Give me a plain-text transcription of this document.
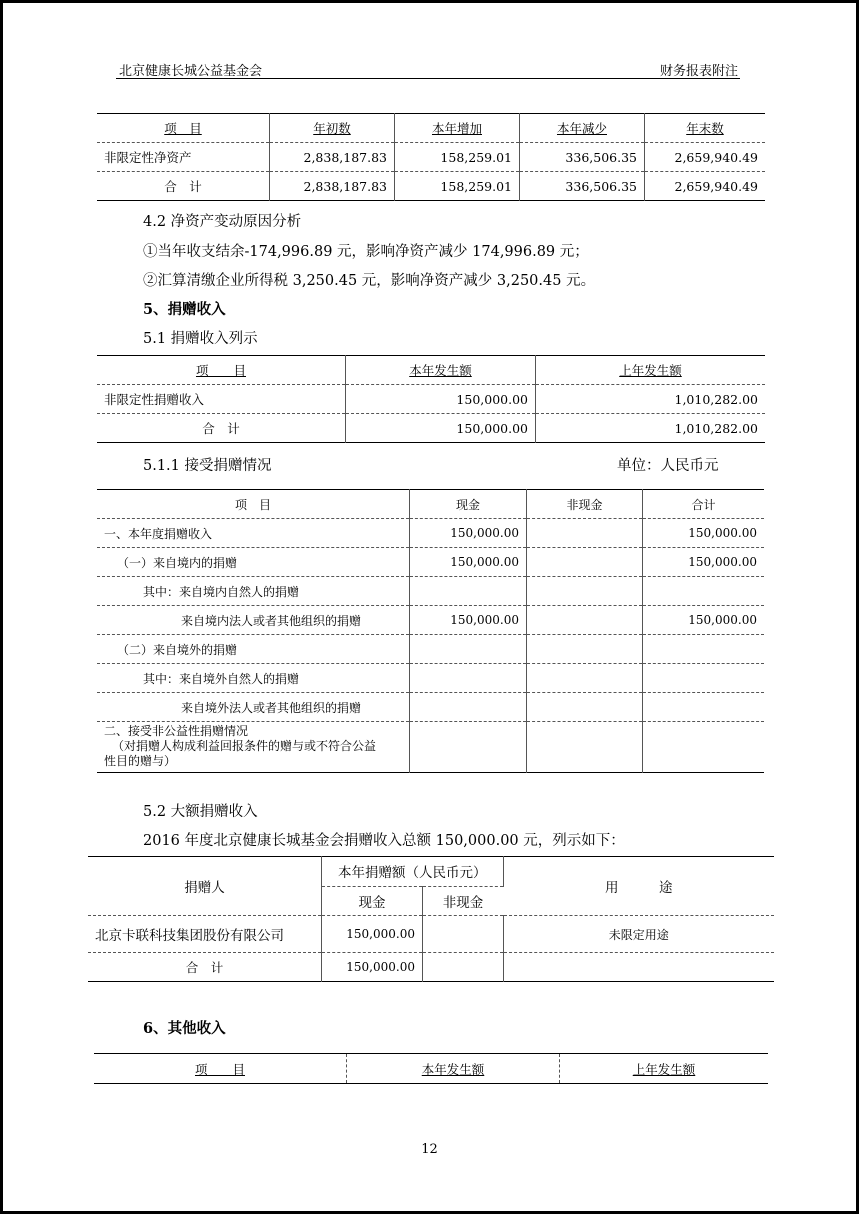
北京健康长城公益基金会	财务报表附注
项　目	年初数	本年增加	本年减少	年末数
非限定性净资产	2,838,187.83	158,259.01	336,506.35	2,659,940.49
合　计	2,838,187.83	158,259.01	336,506.35	2,659,940.49
4.2 净资产变动原因分析
①当年收支结余-174,996.89 元，影响净资产减少 174,996.89 元；
②汇算清缴企业所得税 3,250.45 元，影响净资产减少 3,250.45 元。
5、捐赠收入
5.1 捐赠收入列示
项　　目	本年发生额	上年发生额
非限定性捐赠收入	150,000.00	1,010,282.00
合　计	150,000.00	1,010,282.00
5.1.1 接受捐赠情况	单位：人民币元
项　目	现金	非现金	合计
一、本年度捐赠收入	150,000.00		150,000.00
（一）来自境内的捐赠	150,000.00		150,000.00
其中：来自境内自然人的捐赠			
来自境内法人或者其他组织的捐赠	150,000.00		150,000.00
（二）来自境外的捐赠			
其中：来自境外自然人的捐赠			
来自境外法人或者其他组织的捐赠			

二、接受非公益性捐赠情况
（对捐赠人构成利益回报条件的赠与或不符合公益
性目的赠与）			

5.2 大额捐赠收入
2016 年度北京健康长城基金会捐赠收入总额 150,000.00 元，列示如下：
捐赠人	本年捐赠额（人民币元）		用　　　途
	现金	非现金	
北京卡联科技集团股份有限公司	150,000.00		未限定用途
合　计	150,000.00		
6、其他收入
项　　目	本年发生额	上年发生额
12
